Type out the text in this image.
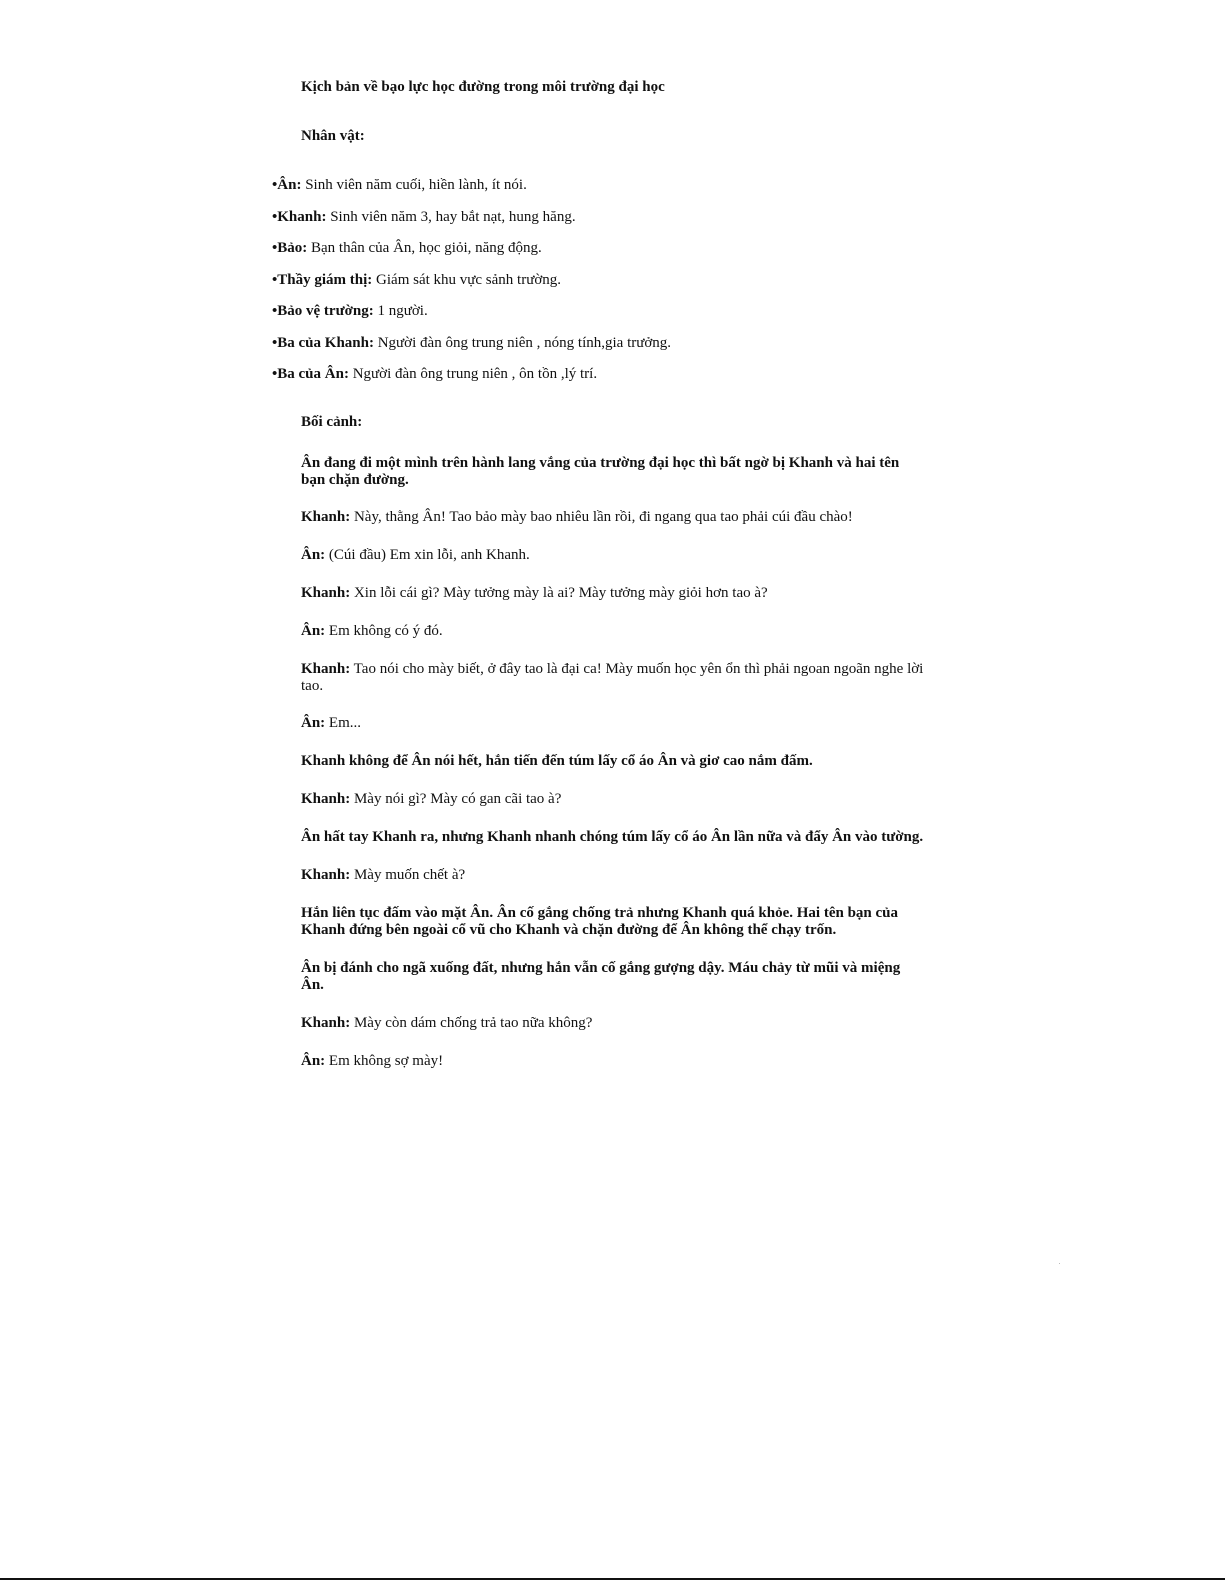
Kịch bản về bạo lực học đường trong môi trường đại học
Nhân vật:
•Ân: Sinh viên năm cuối, hiền lành, ít nói.
•Khanh: Sinh viên năm 3, hay bắt nạt, hung hăng.
•Bảo: Bạn thân của Ân, học giỏi, năng động.
•Thầy giám thị: Giám sát khu vực sảnh trường.
•Bảo vệ trường: 1 người.
•Ba của Khanh: Người đàn ông trung niên , nóng tính,gia trưởng.
•Ba của Ân: Người đàn ông trung niên , ôn tồn ,lý trí.
Bối cảnh:

Ân đang đi một mình trên hành lang vắng của trường đại học thì bất ngờ bị Khanh và hai tên bạn chặn đường.

Khanh: Này, thằng Ân! Tao bảo mày bao nhiêu lần rồi, đi ngang qua tao phải cúi đầu chào!

Ân: (Cúi đầu) Em xin lỗi, anh Khanh.

Khanh: Xin lỗi cái gì? Mày tưởng mày là ai? Mày tưởng mày giỏi hơn tao à?

Ân: Em không có ý đó.

Khanh: Tao nói cho mày biết, ở đây tao là đại ca! Mày muốn học yên ổn thì phải ngoan ngoãn nghe lời tao.

Ân: Em...

Khanh không để Ân nói hết, hắn tiến đến túm lấy cổ áo Ân và giơ cao nắm đấm.

Khanh: Mày nói gì? Mày có gan cãi tao à?

Ân hất tay Khanh ra, nhưng Khanh nhanh chóng túm lấy cổ áo Ân lần nữa và đẩy Ân vào tường.

Khanh: Mày muốn chết à?

Hắn liên tục đấm vào mặt Ân. Ân cố gắng chống trả nhưng Khanh quá khỏe. Hai tên bạn của Khanh đứng bên ngoài cổ vũ cho Khanh và chặn đường để Ân không thể chạy trốn.

Ân bị đánh cho ngã xuống đất, nhưng hắn vẫn cố gắng gượng dậy. Máu chảy từ mũi và miệng Ân.

Khanh: Mày còn dám chống trả tao nữa không?

Ân: Em không sợ mày!
